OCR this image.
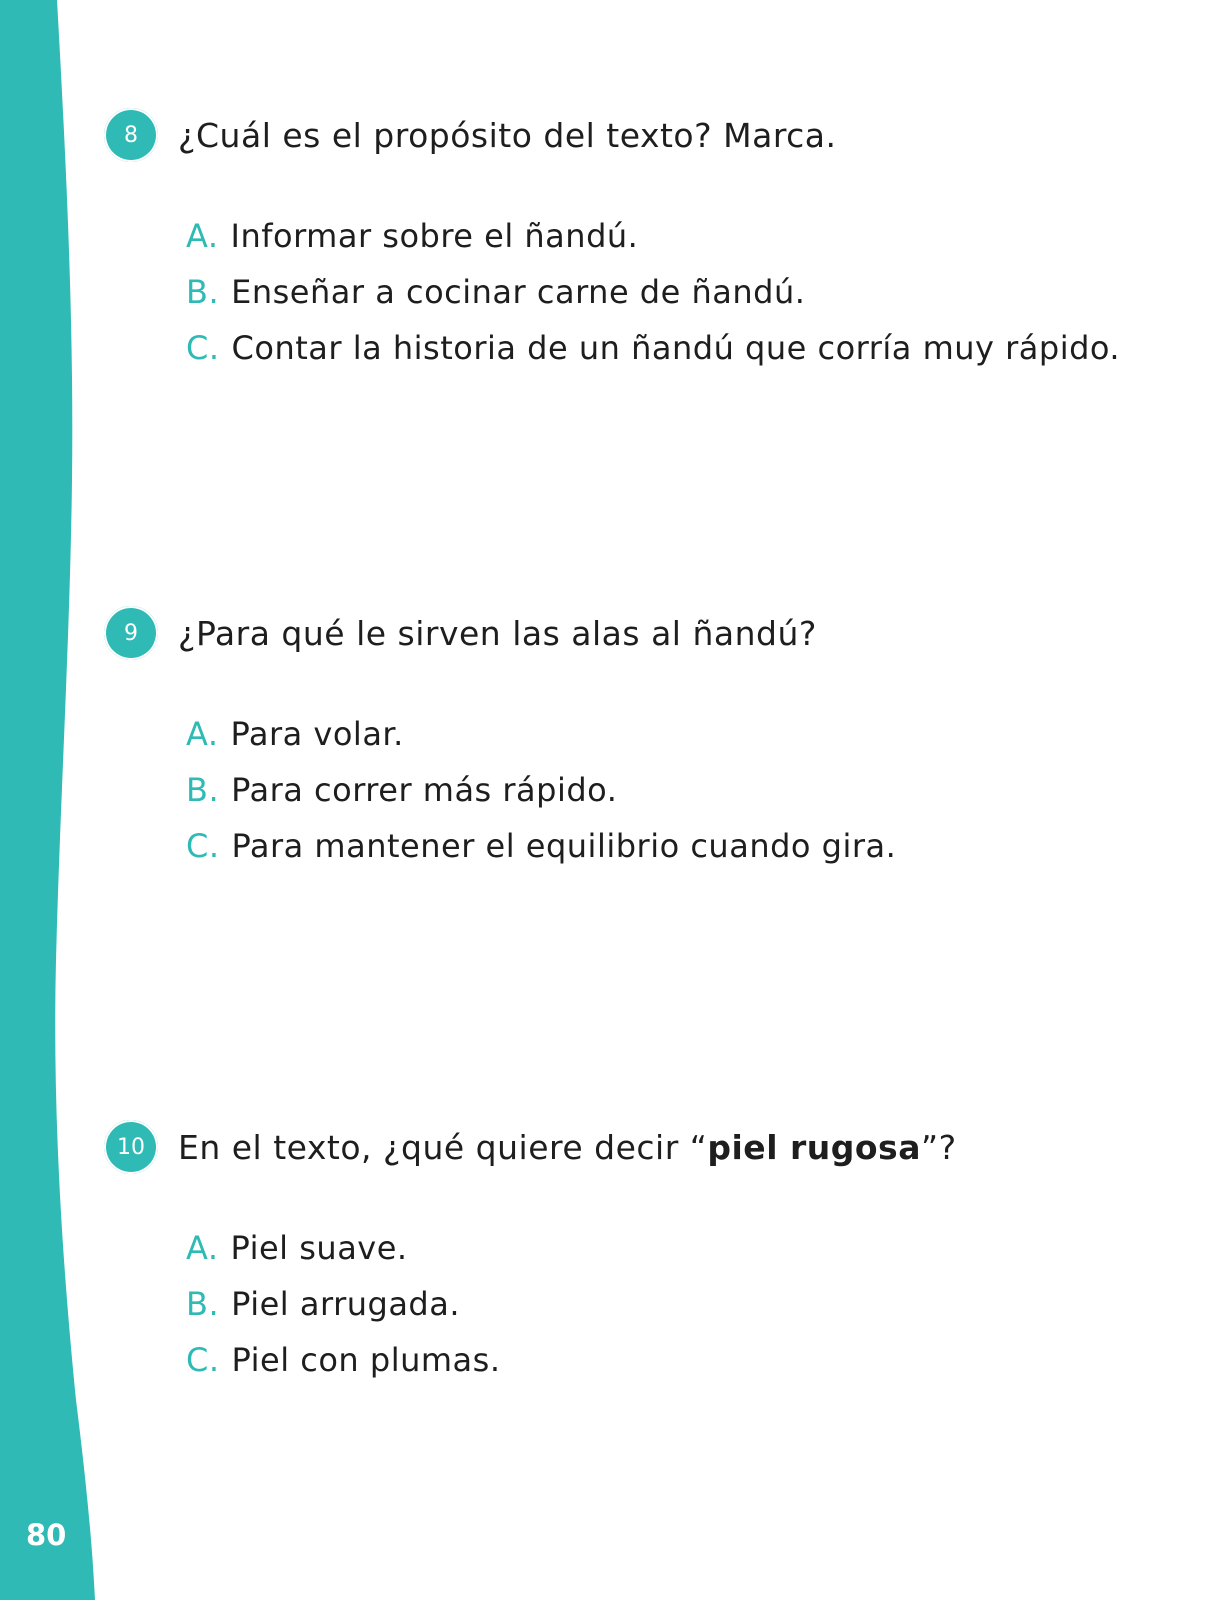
80
8	¿Cuál es el propósito del texto? Marca.
A. Informar sobre el ñandú.
B. Enseñar a cocinar carne de ñandú.
C. Contar la historia de un ñandú que corría muy rápido.
9	¿Para qué le sirven las alas al ñandú?
A. Para volar.
B. Para correr más rápido.
C. Para mantener el equilibrio cuando gira.
10	En el texto, ¿qué quiere decir “piel rugosa”?
A. Piel suave.
B. Piel arrugada.
C. Piel con plumas.
